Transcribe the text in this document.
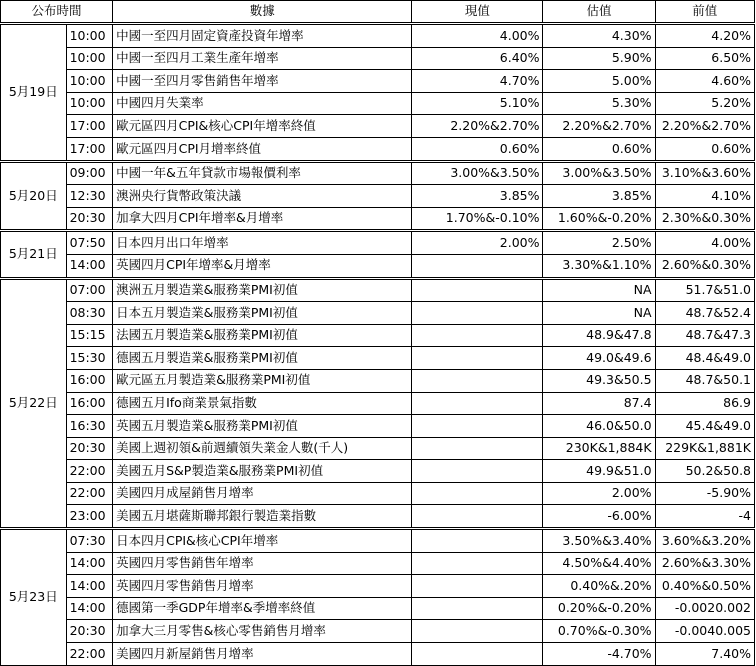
公布時間		數據	現值	估值	前值
5月19日	10:00	中國一至四月固定資產投資年增率	4.00%	4.30%	4.20%
	10:00	中國一至四月工業生產年增率	6.40%	5.90%	6.50%
	10:00	中國一至四月零售銷售年增率	4.70%	5.00%	4.60%
	10:00	中國四月失業率	5.10%	5.30%	5.20%
	17:00	歐元區四月CPI&核心CPI年增率終值	2.20%&2.70%	2.20%&2.70%	2.20%&2.70%
	17:00	歐元區四月CPI月增率終值	0.60%	0.60%	0.60%
5月20日	09:00	中國一年&五年貸款市場報價利率	3.00%&3.50%	3.00%&3.50%	3.10%&3.60%
	12:30	澳洲央行貨幣政策決議	3.85%	3.85%	4.10%
	20:30	加拿大四月CPI年增率&月增率	1.70%&-0.10%	1.60%&-0.20%	2.30%&0.30%
5月21日	07:50	日本四月出口年增率	2.00%	2.50%	4.00%
	14:00	英國四月CPI年增率&月增率		3.30%&1.10%	2.60%&0.30%
5月22日	07:00	澳洲五月製造業&服務業PMI初值		NA	51.7&51.0
	08:30	日本五月製造業&服務業PMI初值		NA	48.7&52.4
	15:15	法國五月製造業&服務業PMI初值		48.9&47.8	48.7&47.3
	15:30	德國五月製造業&服務業PMI初值		49.0&49.6	48.4&49.0
	16:00	歐元區五月製造業&服務業PMI初值		49.3&50.5	48.7&50.1
	16:00	德國五月Ifo商業景氣指數		87.4	86.9
	16:30	英國五月製造業&服務業PMI初值		46.0&50.0	45.4&49.0
	20:30	美國上週初領&前週續領失業金人數(千人)		230K&1,884K	229K&1,881K
	22:00	美國五月S&P製造業&服務業PMI初值		49.9&51.0	50.2&50.8
	22:00	美國四月成屋銷售月增率		2.00%	-5.90%
	23:00	美國五月堪薩斯聯邦銀行製造業指數		-6.00%	-4
5月23日	07:30	日本四月CPI&核心CPI年增率		3.50%&3.40%	3.60%&3.20%
	14:00	英國四月零售銷售年增率		4.50%&4.40%	2.60%&3.30%
	14:00	英國四月零售銷售月增率		0.40%&.20%	0.40%&0.50%
	14:00	德國第一季GDP年增率&季增率終值		0.20%&-0.20%	-0.0020.002
	20:30	加拿大三月零售&核心零售銷售月增率		0.70%&-0.30%	-0.0040.005
	22:00	美國四月新屋銷售月增率		-4.70%	7.40%
